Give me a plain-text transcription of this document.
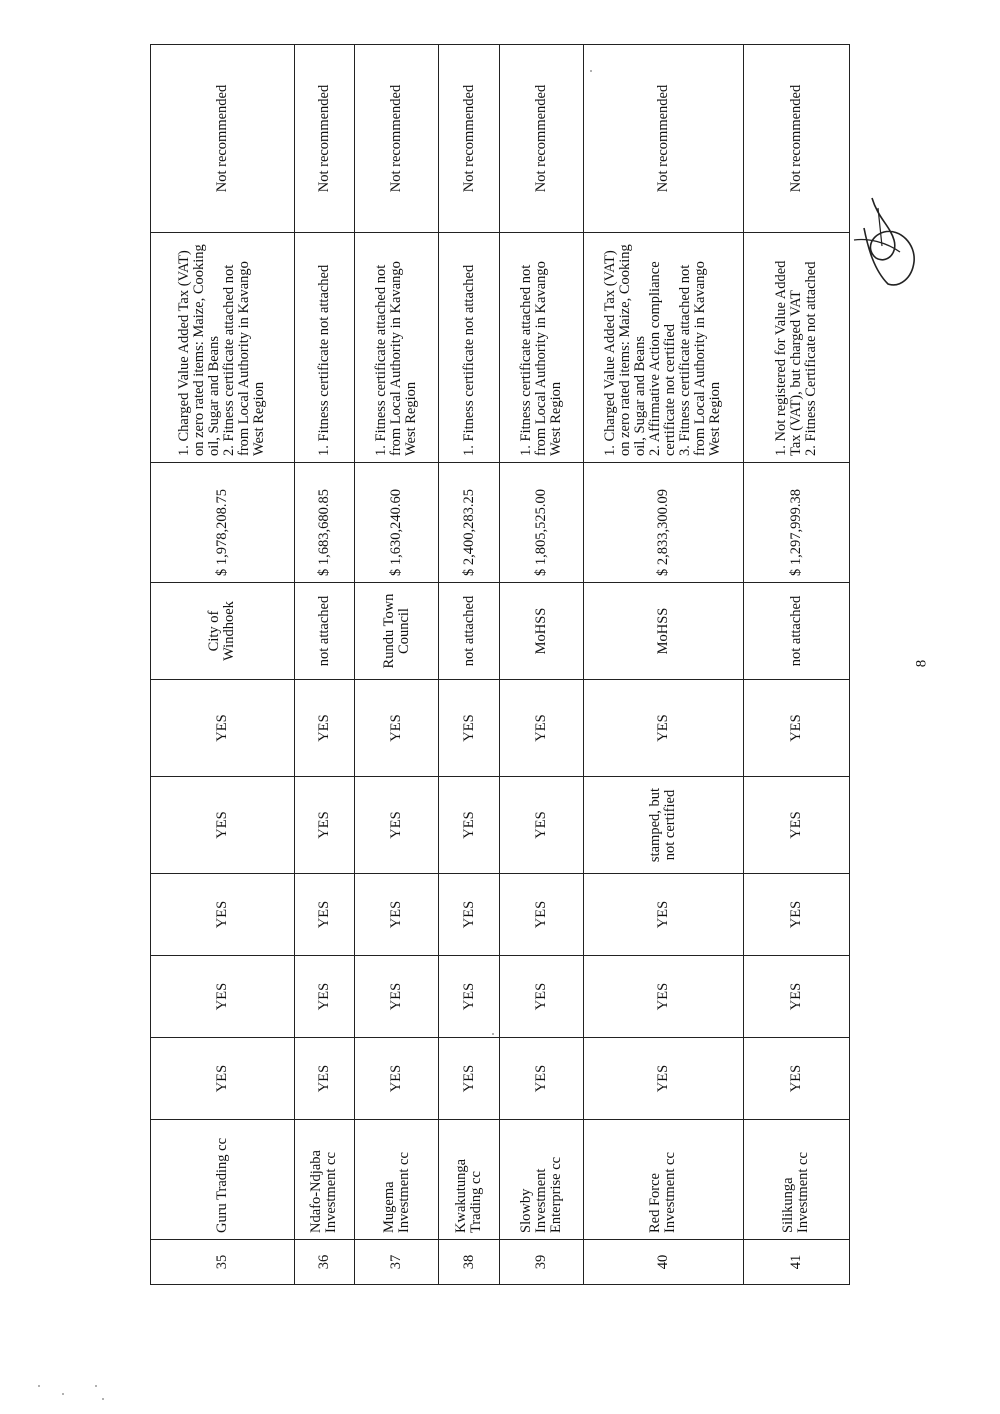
35	Guru Trading cc	YES	YES	YES	YES	YES	City of Windhoek	$ 1,978,208.75	1. Charged Value Added Tax (VAT) on zero rated items: Maize, Cooking oil, Sugar and Beans 2. Fitness certificate attached not from Local Authority in Kavango West Region	Not recommended
36	Ndafo-Ndjaba Investment cc	YES	YES	YES	YES	YES	not attached	$ 1,683,680.85	1. Fitness certificate not attached	Not recommended
37	Mugema Investment cc	YES	YES	YES	YES	YES	Rundu Town Council	$ 1,630,240.60	1. Fitness certificate attached not from Local Authority in Kavango West Region	Not recommended
38	Kwakutunga Trading cc	YES	YES	YES	YES	YES	not attached	$ 2,400,283.25	1. Fitness certificate not attached	Not recommended
39	Slowby Investment Enterprise cc	YES	YES	YES	YES	YES	MoHSS	$ 1,805,525.00	1. Fitness certificate attached not from Local Authority in Kavango West Region	Not recommended
40	Red Force Investment cc	YES	YES	YES	stamped, but not certified	YES	MoHSS	$ 2,833,300.09	1. Charged Value Added Tax (VAT) on zero rated items: Maize, Cooking oil, Sugar and Beans 2. Affirmative Action compliance certificate not certified 3. Fitness certificate attached not from Local Authority in Kavango West Region	Not recommended
41	Silikunga Investment cc	YES	YES	YES	YES	YES	not attached	$ 1,297,999.38	1. Not registered for Value Added Tax (VAT), but charged VAT 2. Fitness Certificate not attached	Not recommended
8
